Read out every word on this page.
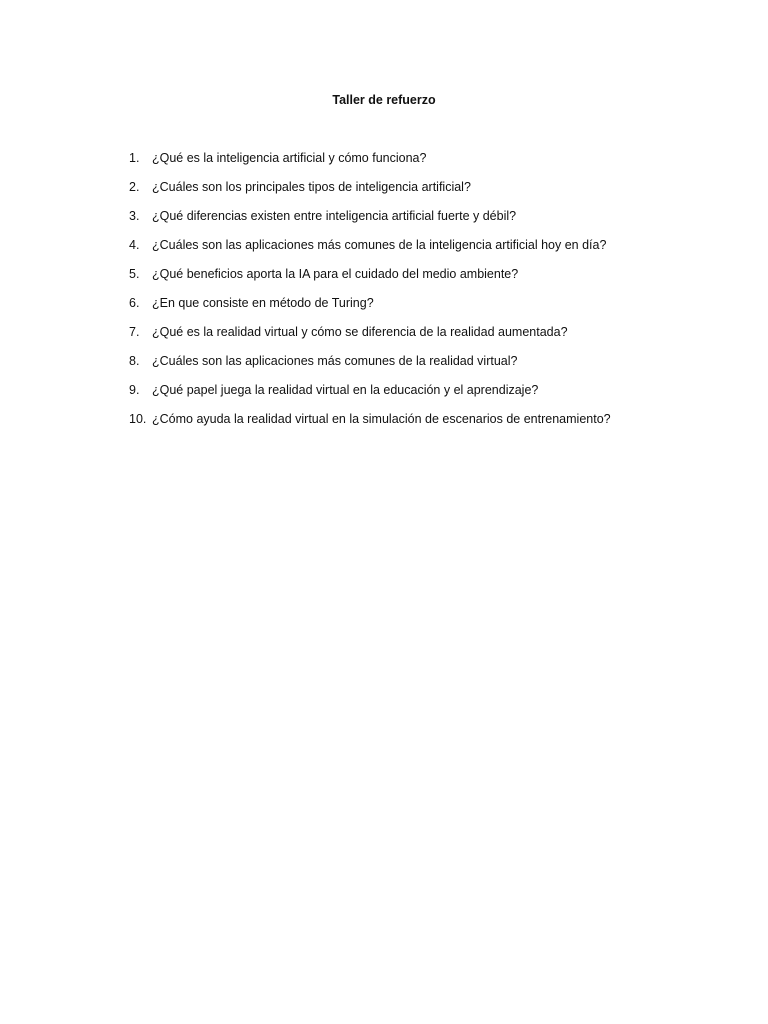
Taller de refuerzo
1. ¿Qué es la inteligencia artificial y cómo funciona?
2. ¿Cuáles son los principales tipos de inteligencia artificial?
3. ¿Qué diferencias existen entre inteligencia artificial fuerte y débil?
4. ¿Cuáles son las aplicaciones más comunes de la inteligencia artificial hoy en día?
5. ¿Qué beneficios aporta la IA para el cuidado del medio ambiente?
6. ¿En que consiste en método de Turing?
7. ¿Qué es la realidad virtual y cómo se diferencia de la realidad aumentada?
8. ¿Cuáles son las aplicaciones más comunes de la realidad virtual?
9. ¿Qué papel juega la realidad virtual en la educación y el aprendizaje?
10. ¿Cómo ayuda la realidad virtual en la simulación de escenarios de entrenamiento?
